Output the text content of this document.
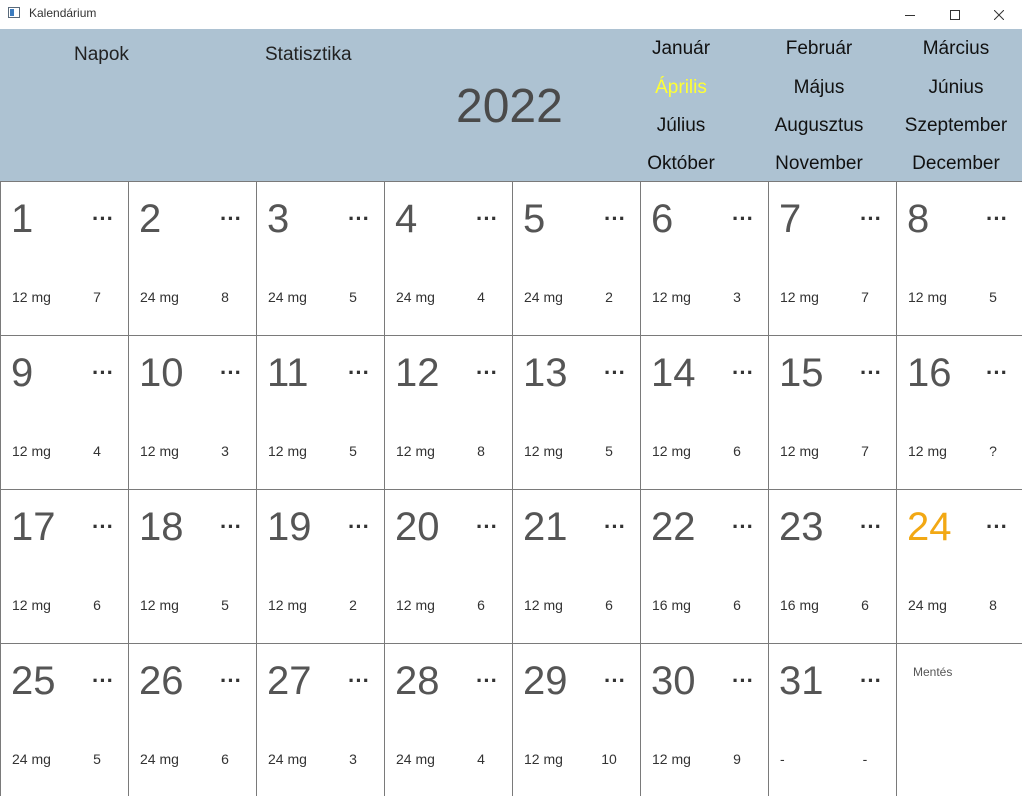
Kalendárium
Napok	Statisztika
2022
Január	Február	Március
Április	Május	Június
Július	Augusztus	Szeptember
Október	November	December
1	···
12 mg	7
2	···
24 mg	8
3	···
24 mg	5
4	···
24 mg	4
5	···
24 mg	2
6	···
12 mg	3
7	···
12 mg	7
8	···
12 mg	5
9	···
12 mg	4
10 ···
12 mg	3
11 ···
12 mg	5
12 ···
12 mg	8
13 ···
12 mg	5
14 ···
12 mg	6
15 ···
12 mg	7
16 ···
12 mg	?
17 ···
12 mg	6
18 ···
12 mg	5
19 ···
12 mg	2
20 ···
12 mg	6
21 ···
12 mg	6
22 ···
16 mg	6
23 ···
16 mg	6
24 ···
24 mg	8
25 ···
24 mg	5
26 ···
24 mg	6
27 ···
24 mg	3
28 ···
24 mg	4
29 ···
12 mg	10
30 ···
12 mg	9
31 ···
-	-
Mentés
